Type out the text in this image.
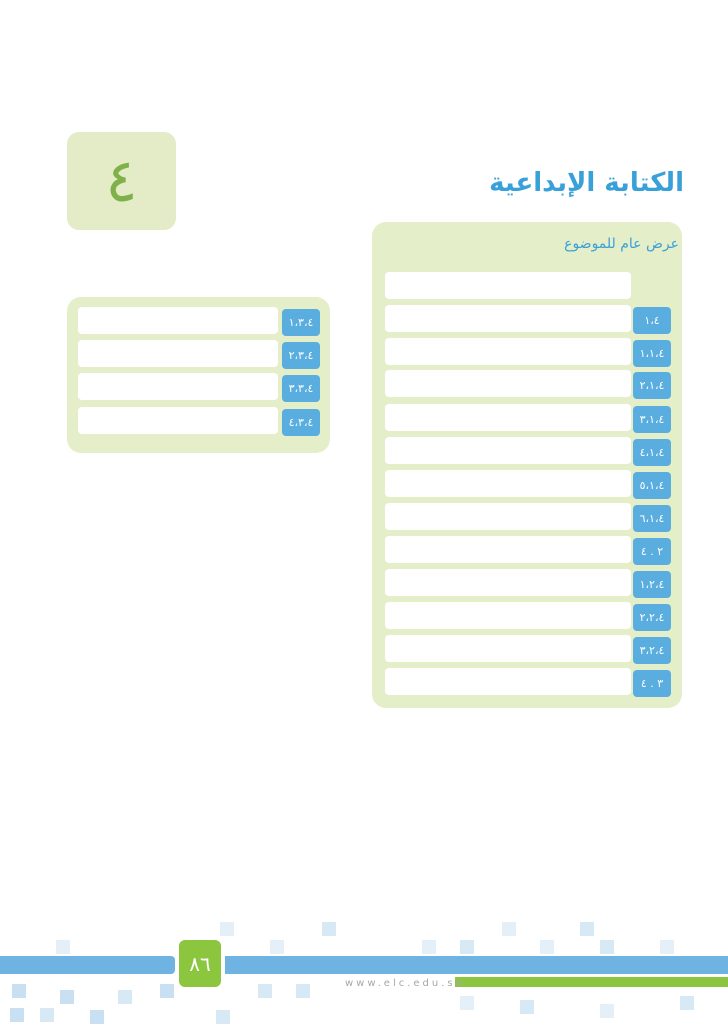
٤	الكتابة الإبداعية
عرض عام للموضوع
١،٤
١،١،٤
٢،١،٤
٣،١،٤
٤،١،٤
٥،١،٤
٦،١،٤
٢ . ٤
١،٢،٤
٢،٢،٤
٣،٢،٤
٣ . ٤
١،٣،٤
٢،٣،٤
٣،٣،٤
٤،٣،٤
٨٦
www.elc.edu.sa
